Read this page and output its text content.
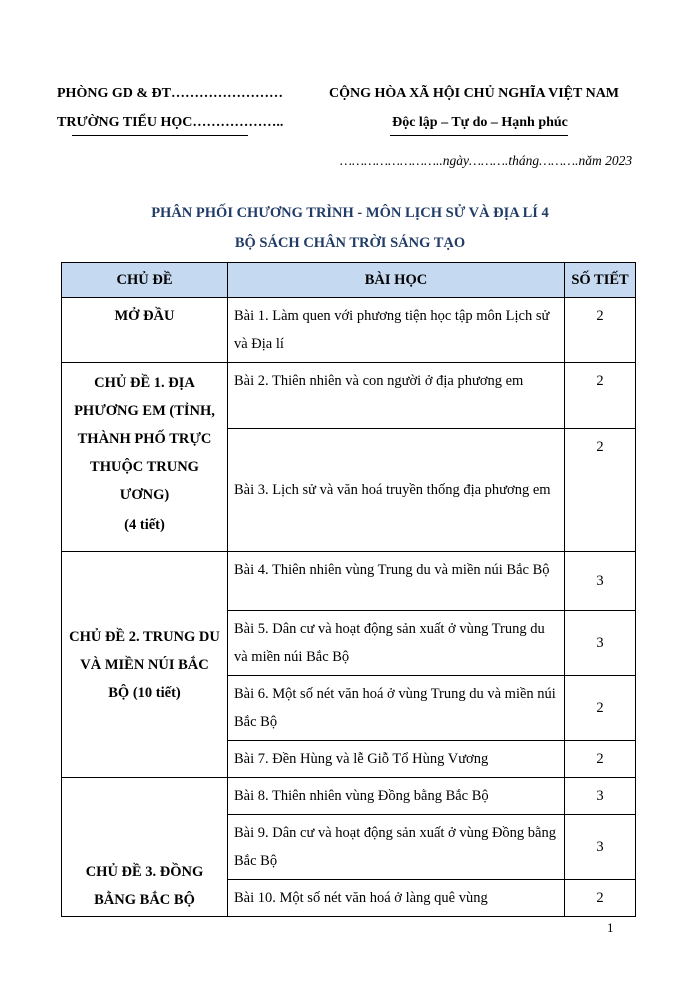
PHÒNG GD & ĐT……………………
TRƯỜNG TIỂU HỌC………………..
CỘNG HÒA XÃ HỘI CHỦ NGHĨA VIỆT NAM
Độc lập – Tự do – Hạnh phúc
……………………..ngày……….tháng……….năm 2023
PHÂN PHỐI CHƯƠNG TRÌNH - MÔN LỊCH SỬ VÀ ĐỊA LÍ 4
BỘ SÁCH CHÂN TRỜI SÁNG TẠO
CHỦ ĐỀ	BÀI HỌC	SỐ TIẾT
MỞ ĐẦU	Bài 1. Làm quen với phương tiện học tập môn Lịch sử và Địa lí	2

CHỦ ĐỀ 1. ĐỊA PHƯƠNG EM (TỈNH, THÀNH PHỐ TRỰC THUỘC TRUNG ƯƠNG)
(4 tiết)	Bài 2. Thiên nhiên và con người ở địa phương em	2
	Bài 3. Lịch sử và văn hoá truyền thống địa phương em	2
CHỦ ĐỀ 2. TRUNG DU VÀ MIỀN NÚI BẮC BỘ (10 tiết)	Bài 4. Thiên nhiên vùng Trung du và miền núi Bắc Bộ	3
	Bài 5. Dân cư và hoạt động sản xuất ở vùng Trung du và miền núi Bắc Bộ	3
	Bài 6. Một số nét văn hoá ở vùng Trung du và miền núi Bắc Bộ	2
	Bài 7. Đền Hùng và lễ Giỗ Tổ Hùng Vương	2
CHỦ ĐỀ 3. ĐỒNG BẰNG BẮC BỘ	Bài 8. Thiên nhiên vùng Đồng bằng Bắc Bộ	3
	Bài 9. Dân cư và hoạt động sản xuất ở vùng Đồng bằng Bắc Bộ	3
	Bài 10. Một số nét văn hoá ở làng quê vùng	2
1
